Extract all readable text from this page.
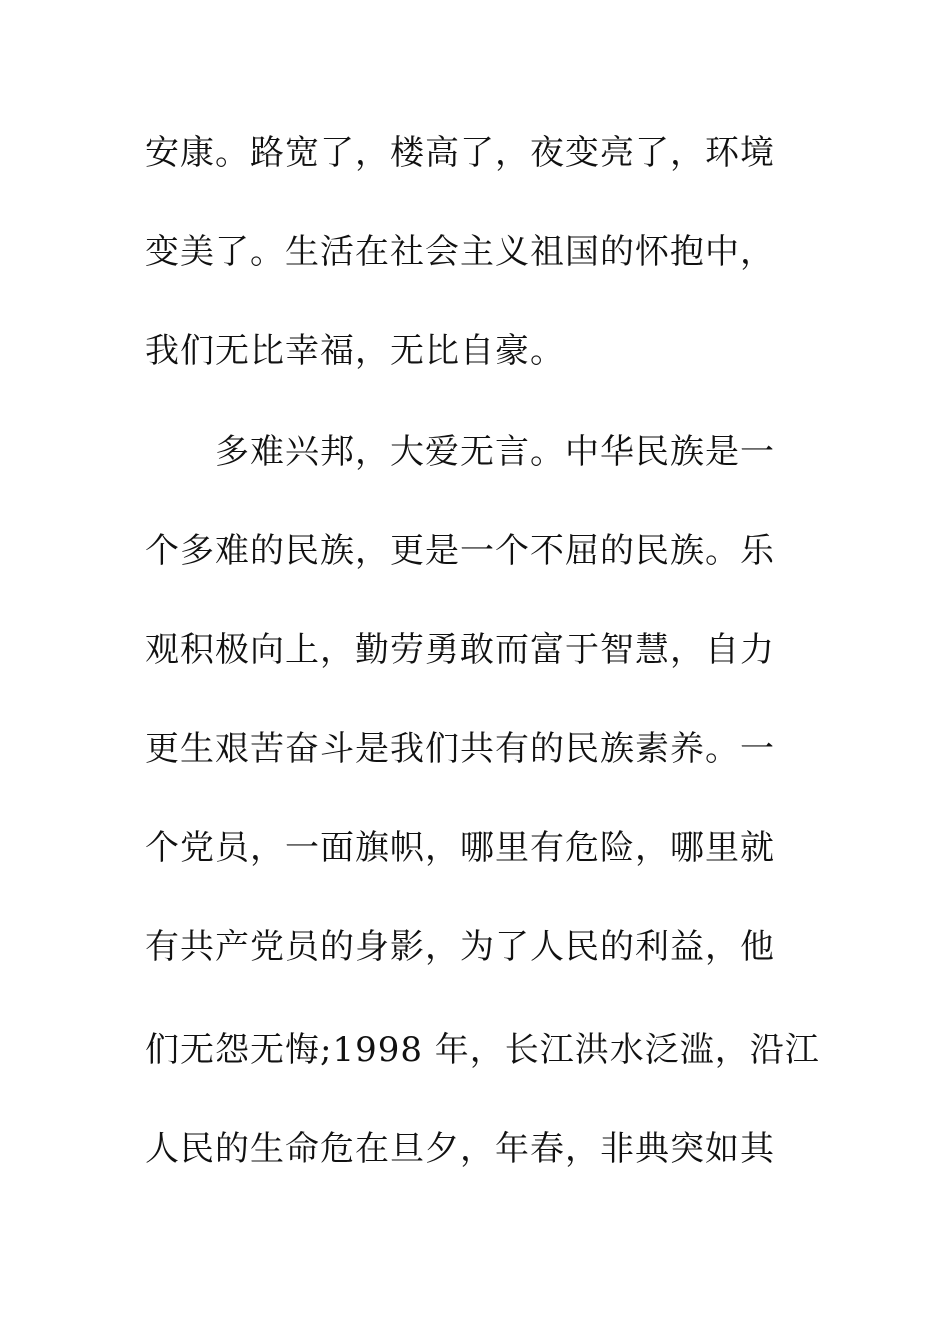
安康。路宽了，楼高了，夜变亮了，环境
变美了。生活在社会主义祖国的怀抱中，
我们无比幸福，无比自豪。
多难兴邦，大爱无言。中华民族是一
个多难的民族，更是一个不屈的民族。乐
观积极向上，勤劳勇敢而富于智慧，自力
更生艰苦奋斗是我们共有的民族素养。一
个党员，一面旗帜，哪里有危险，哪里就
有共产党员的身影，为了人民的利益，他
们无怨无悔;1998 年，长江洪水泛滥，沿江
人民的生命危在旦夕，年春，非典突如其
